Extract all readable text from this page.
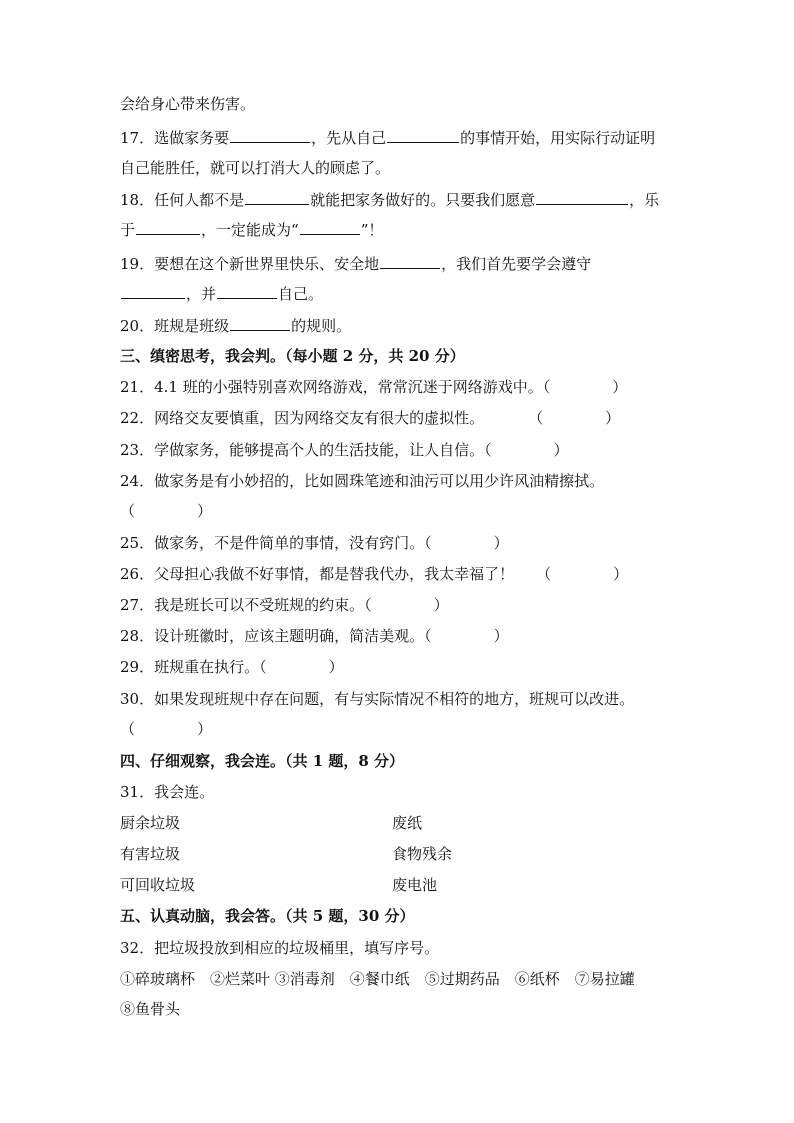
会给身心带来伤害。
17．选做家务要	，先从自己	的事情开始，用实际行动证明
自己能胜任，就可以打消大人的顾虑了。
18．任何人都不是	就能把家务做好的。只要我们愿意	，乐
于	，一定能成为“	”！
19．要想在这个新世界里快乐、安全地	，我们首先要学会遵守
，并	自己。
20．班规是班级	的规则。
三、缜密思考，我会判。（每小题 2 分，共 20 分）
21．4.1 班的小强特别喜欢网络游戏，常常沉迷于网络游戏中。（	）
22．网络交友要慎重，因为网络交友有很大的虚拟性。	（	）
23．学做家务，能够提高个人的生活技能，让人自信。（	）
24．做家务是有小妙招的，比如圆珠笔迹和油污可以用少许风油精擦拭。
（	）
25．做家务，不是件简单的事情，没有窍门。（	）
26．父母担心我做不好事情，都是替我代办，我太幸福了！ （	）
27．我是班长可以不受班规的约束。（	）
28．设计班徽时，应该主题明确，简洁美观。（	）
29．班规重在执行。（	）
30．如果发现班规中存在问题，有与实际情况不相符的地方，班规可以改进。
（	）
四、仔细观察，我会连。（共 1 题，8 分）
31．我会连。
厨余垃圾	废纸
有害垃圾	食物残余
可回收垃圾	废电池
五、认真动脑，我会答。（共 5 题，30 分）
32．把垃圾投放到相应的垃圾桶里，填写序号。
①碎玻璃杯　②烂菜叶 ③消毒剂　④餐巾纸　⑤过期药品　⑥纸杯　⑦易拉罐
⑧鱼骨头
